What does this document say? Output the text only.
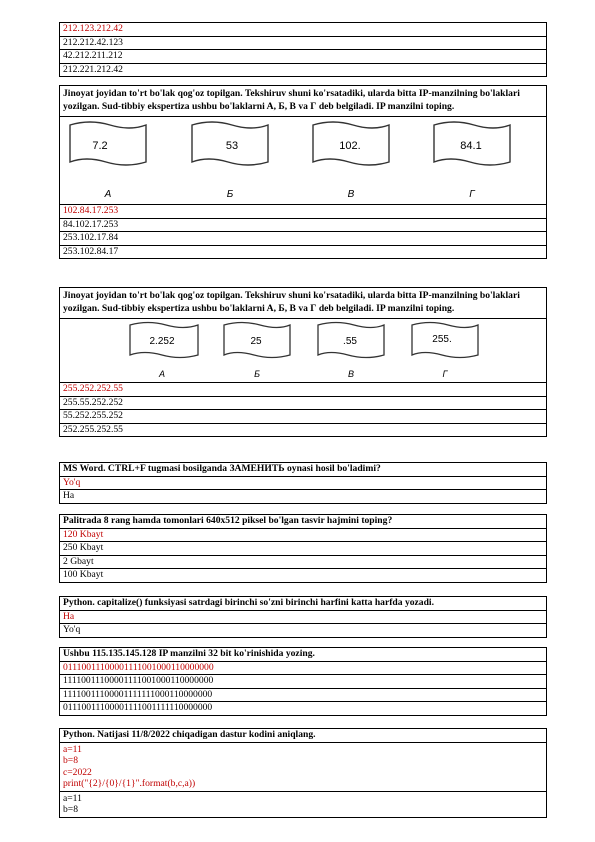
212.123.212.42
212.212.42.123
42.212.211.212
212.221.212.42
Jinoyat joyidan to'rt bo'lak qog'oz topilgan. Tekshiruv shuni ko'rsatadiki, ularda bitta IP-manzilning bo'laklari yozilgan. Sud-tibbiy ekspertiza ushbu bo'laklarni A, Б, B va Г deb belgiladi. IP manzilni toping.
7.2
A
53
Б
102.
B
84.1
Г
102.84.17.253
84.102.17.253
253.102.17.84
253.102.84.17
Jinoyat joyidan to'rt bo'lak qog'oz topilgan. Tekshiruv shuni ko'rsatadiki, ularda bitta IP-manzilning bo'laklari yozilgan. Sud-tibbiy ekspertiza ushbu bo'laklarni A, Б, B va Г deb belgiladi. IP manzilni toping.
2.252
A
25
Б
.55
B
255.
Г
255.252.252.55
255.55.252.252
55.252.255.252
252.255.252.55
MS Word. CTRL+F tugmasi bosilganda ЗАМЕНИТЬ oynasi hosil bo'ladimi?
Yo'q
Ha
Palitrada 8 rang hamda tomonlari 640x512 piksel bo'lgan tasvir hajmini toping?
120 Kbayt
250 Kbayt
2 Gbayt
100 Kbayt
Python. capitalize() funksiyasi satrdagi birinchi so'zni birinchi harfini katta harfda yozadi.
Ha
Yo'q
Ushbu 115.135.145.128 IP manzilni 32 bit ko'rinishida yozing.
01110011100001111001000110000000
11110011100001111001000110000000
11110011100001111111000110000000
01110011100001111001111110000000
Python. Natijasi 11/8/2022 chiqadigan dastur kodini aniqlang.
a=11
b=8
c=2022
print("{2}/{0}/{1}".format(b,c,a))
a=11
b=8
